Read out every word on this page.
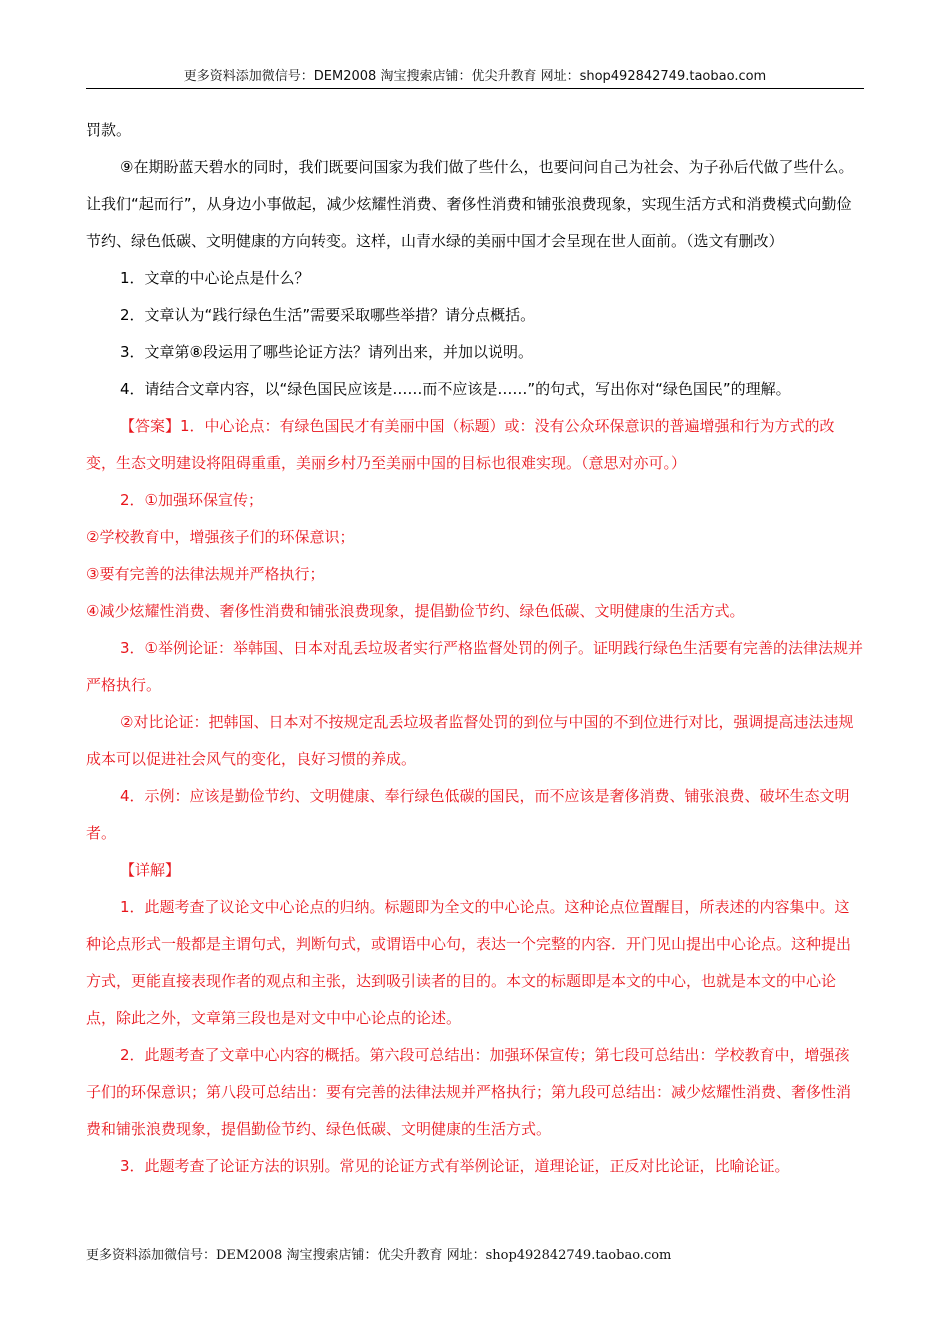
更多资料添加微信号：DEM2008 淘宝搜索店铺：优尖升教育 网址：shop492842749.taobao.com

罚款。

⑨在期盼蓝天碧水的同时，我们既要问国家为我们做了些什么，也要问问自己为社会、为子孙后代做了些什么。让我们“起而行”，从身边小事做起，减少炫耀性消费、奢侈性消费和铺张浪费现象，实现生活方式和消费模式向勤俭节约、绿色低碳、文明健康的方向转变。这样，山青水绿的美丽中国才会呈现在世人面前。（选文有删改）

1．文章的中心论点是什么？

2．文章认为“践行绿色生活”需要采取哪些举措？请分点概括。

3．文章第⑧段运用了哪些论证方法？请列出来，并加以说明。

4．请结合文章内容，以“绿色国民应该是……而不应该是……”的句式，写出你对“绿色国民”的理解。

【答案】1．中心论点：有绿色国民才有美丽中国（标题）或：没有公众环保意识的普遍增强和行为方式的改变，生态文明建设将阻碍重重，美丽乡村乃至美丽中国的目标也很难实现。（意思对亦可。）

2．①加强环保宣传；

②学校教育中，增强孩子们的环保意识；

③要有完善的法律法规并严格执行；

④减少炫耀性消费、奢侈性消费和铺张浪费现象，提倡勤俭节约、绿色低碳、文明健康的生活方式。

3．①举例论证：举韩国、日本对乱丢垃圾者实行严格监督处罚的例子。证明践行绿色生活要有完善的法律法规并严格执行。

②对比论证：把韩国、日本对不按规定乱丢垃圾者监督处罚的到位与中国的不到位进行对比，强调提高违法违规成本可以促进社会风气的变化，良好习惯的养成。

4．示例：应该是勤俭节约、文明健康、奉行绿色低碳的国民，而不应该是奢侈消费、铺张浪费、破坏生态文明者。

【详解】

1．此题考查了议论文中心论点的归纳。标题即为全文的中心论点。这种论点位置醒目，所表述的内容集中。这种论点形式一般都是主谓句式，判断句式，或谓语中心句，表达一个完整的内容．开门见山提出中心论点。这种提出方式，更能直接表现作者的观点和主张，达到吸引读者的目的。本文的标题即是本文的中心，也就是本文的中心论点，除此之外，文章第三段也是对文中中心论点的论述。

2．此题考查了文章中心内容的概括。第六段可总结出：加强环保宣传；第七段可总结出：学校教育中，增强孩子们的环保意识；第八段可总结出：要有完善的法律法规并严格执行；第九段可总结出：减少炫耀性消费、奢侈性消费和铺张浪费现象，提倡勤俭节约、绿色低碳、文明健康的生活方式。

3．此题考查了论证方法的识别。常见的论证方式有举例论证，道理论证，正反对比论证，比喻论证。

更多资料添加微信号：DEM2008 淘宝搜索店铺：优尖升教育 网址：shop492842749.taobao.com
